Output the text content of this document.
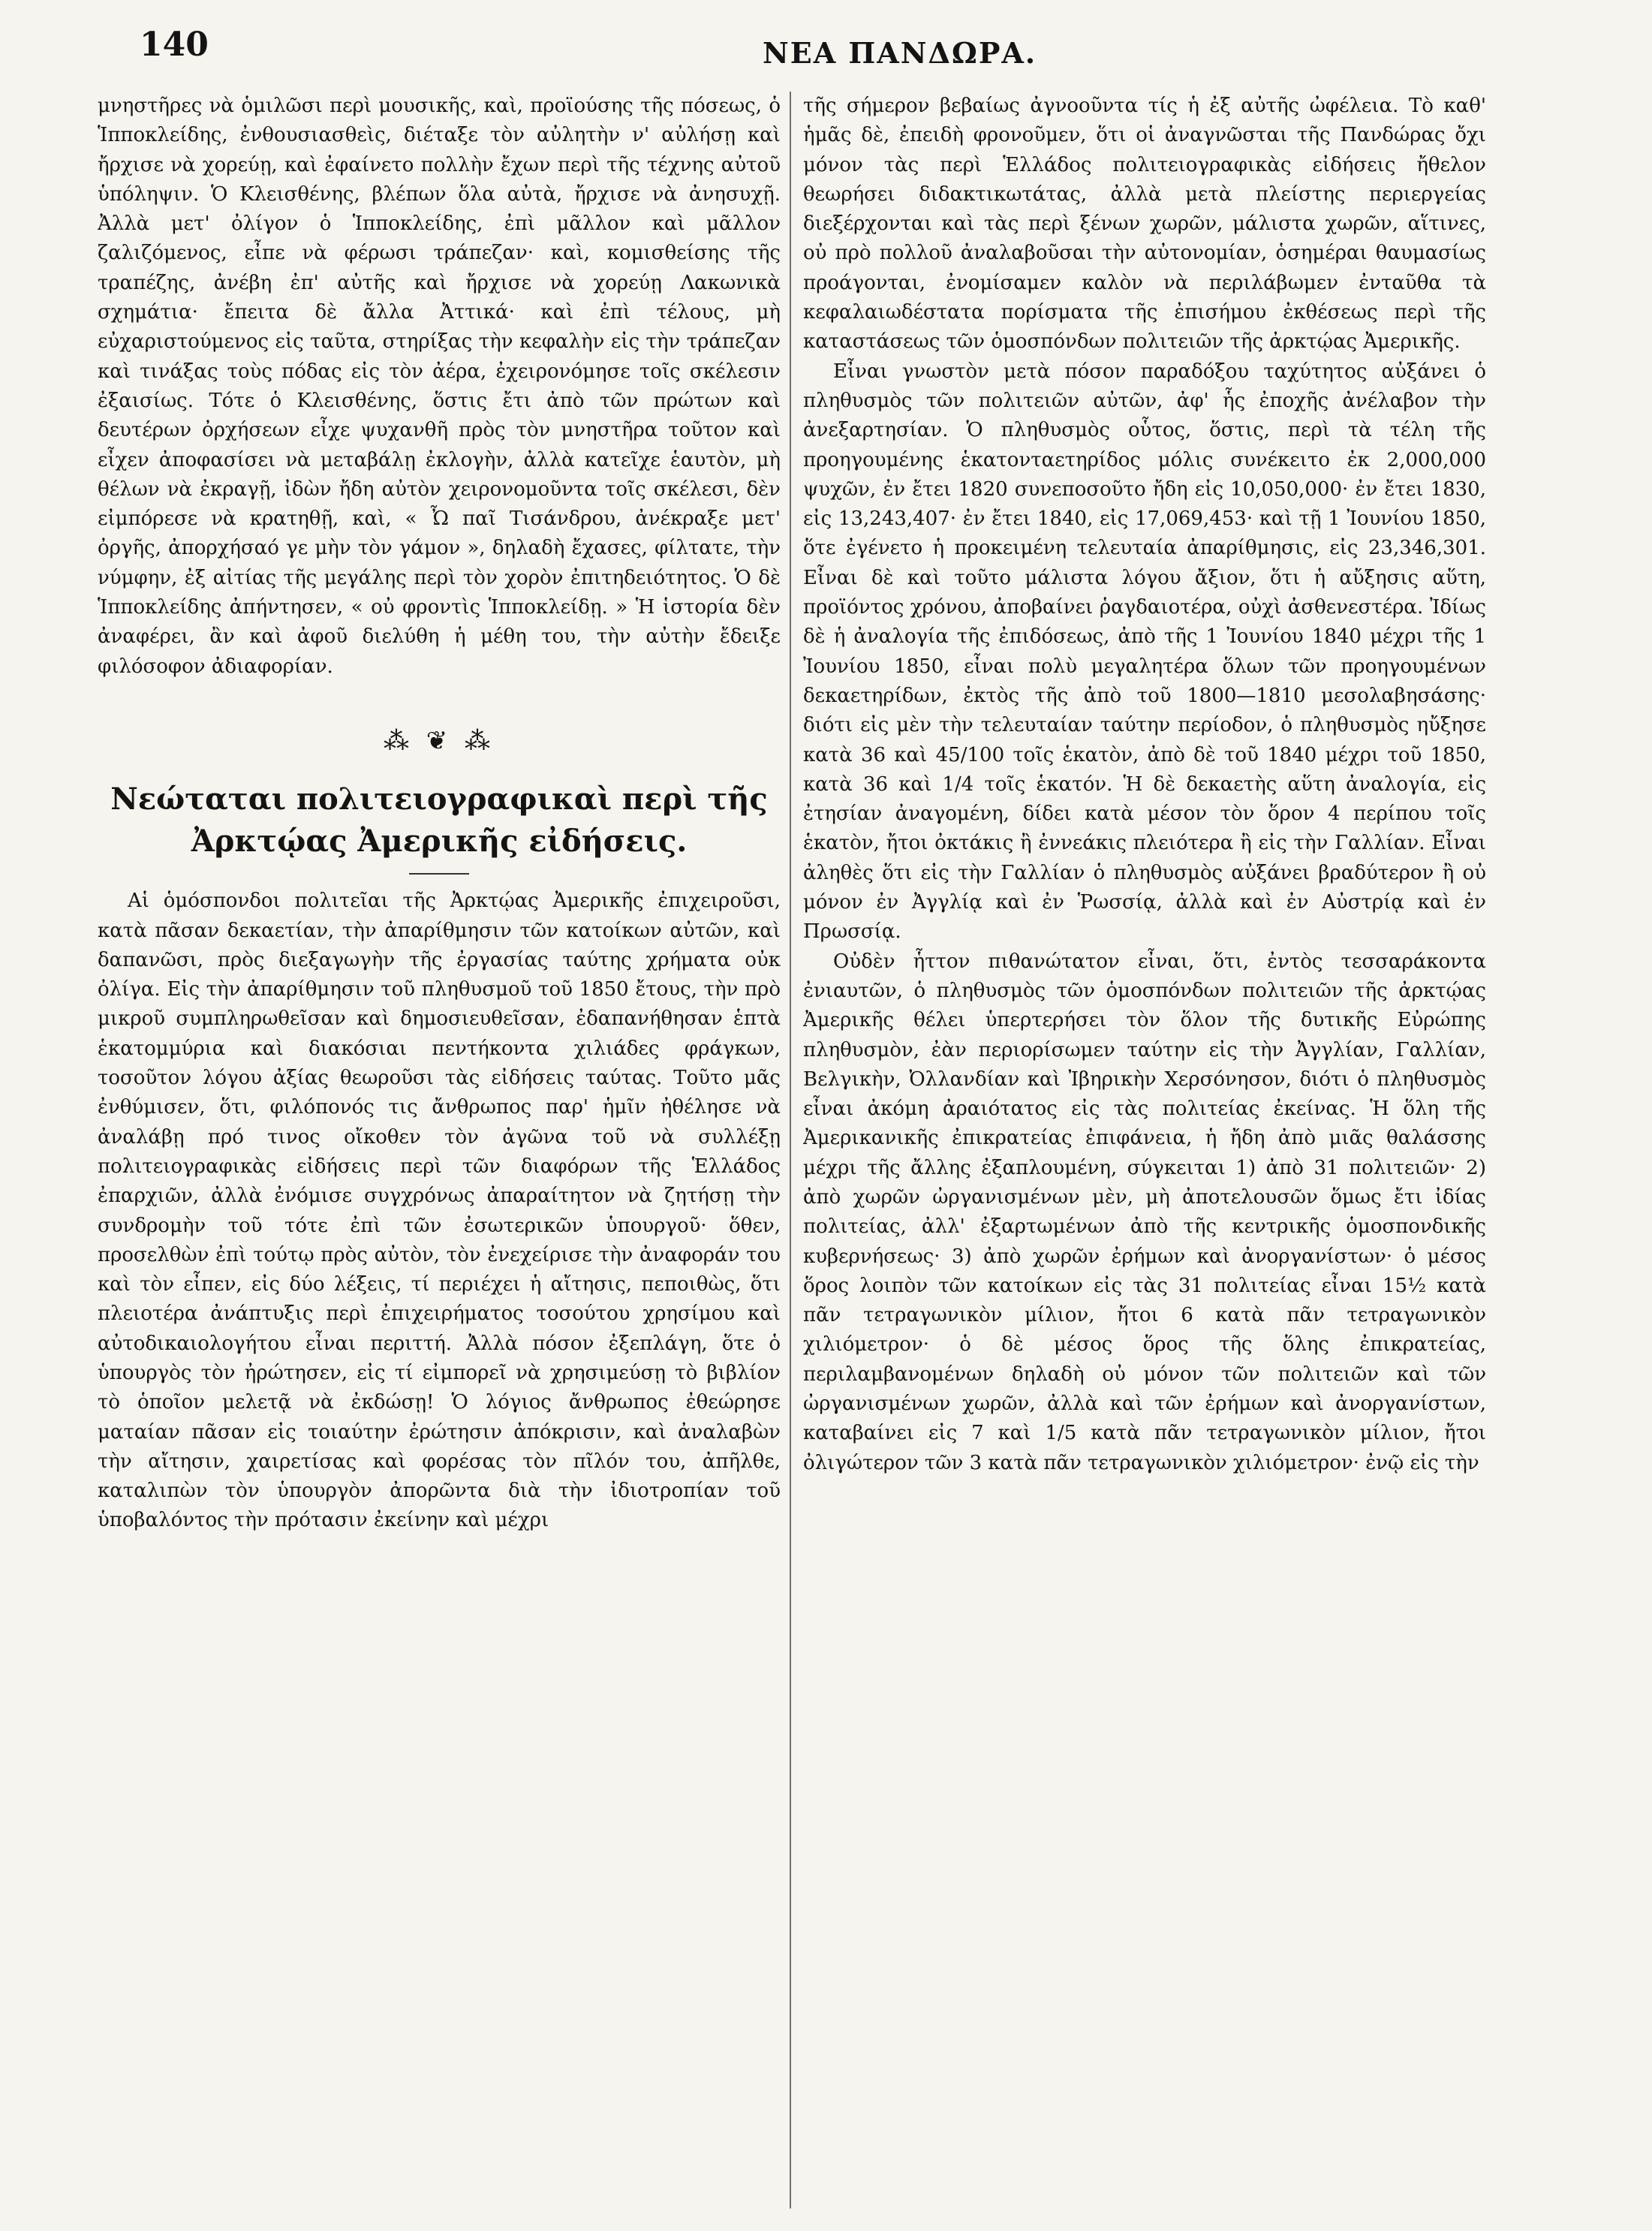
140	ΝΕΑ ΠΑΝΔΩΡΑ.

μνηστῆρες νὰ ὁμιλῶσι περὶ μουσικῆς, καὶ, προϊούσης τῆς πόσεως, ὁ Ἱπποκλείδης, ἐνθουσιασθεὶς, διέταξε τὸν αὐλητὴν ν' αὐλήσῃ καὶ ἤρχισε νὰ χορεύῃ, καὶ ἐφαίνετο πολλὴν ἔχων περὶ τῆς τέχνης αὐτοῦ ὑπόληψιν. Ὁ Κλεισθένης, βλέπων ὅλα αὐτὰ, ἤρχισε νὰ ἀνησυχῇ. Ἀλλὰ μετ' ὀλίγον ὁ Ἱπποκλείδης, ἐπὶ μᾶλλον καὶ μᾶλλον ζαλιζόμενος, εἶπε νὰ φέρωσι τράπεζαν· καὶ, κομισθείσης τῆς τραπέζης, ἀνέβη ἐπ' αὐτῆς καὶ ἤρχισε νὰ χορεύῃ Λακωνικὰ σχημάτια· ἔπειτα δὲ ἄλλα Ἀττικά· καὶ ἐπὶ τέλους, μὴ εὐχαριστούμενος εἰς ταῦτα, στηρίξας τὴν κεφαλὴν εἰς τὴν τράπεζαν καὶ τινάξας τοὺς πόδας εἰς τὸν ἀέρα, ἐχειρονόμησε τοῖς σκέλεσιν ἐξαισίως. Τότε ὁ Κλεισθένης, ὅστις ἔτι ἀπὸ τῶν πρώτων καὶ δευτέρων ὀρχήσεων εἶχε ψυχανθῆ πρὸς τὸν μνηστῆρα τοῦτον καὶ εἶχεν ἀποφασίσει νὰ μεταβάλῃ ἐκλογὴν, ἀλλὰ κατεῖχε ἑαυτὸν, μὴ θέλων νὰ ἐκραγῇ, ἰδὼν ἤδη αὐτὸν χειρονομοῦντα τοῖς σκέλεσι, δὲν εἰμπόρεσε νὰ κρατηθῇ, καὶ, « Ὦ παῖ Τισάνδρου, ἀνέκραξε μετ' ὀργῆς, ἀπορχήσαό γε μὴν τὸν γάμον », δηλαδὴ ἔχασες, φίλτατε, τὴν νύμφην, ἐξ αἰτίας τῆς μεγάλης περὶ τὸν χορὸν ἐπιτηδειότητος. Ὁ δὲ Ἱπποκλείδης ἀπήντησεν, « οὐ φροντὶς Ἱπποκλείδῃ. » Ἡ ἱστορία δὲν ἀναφέρει, ἂν καὶ ἀφοῦ διελύθη ἡ μέθη του, τὴν αὐτὴν ἔδειξε φιλόσοφον ἀδιαφορίαν.

⁂ ❦ ⁂
Νεώταται πολιτειογραφικαὶ περὶ τῆς Ἀρκτῴας Ἀμερικῆς εἰδήσεις.

Αἱ ὁμόσπονδοι πολιτεῖαι τῆς Ἀρκτῴας Ἀμερικῆς ἐπιχειροῦσι, κατὰ πᾶσαν δεκαετίαν, τὴν ἀπαρίθμησιν τῶν κατοίκων αὐτῶν, καὶ δαπανῶσι, πρὸς διεξαγωγὴν τῆς ἐργασίας ταύτης χρήματα οὐκ ὀλίγα. Εἰς τὴν ἀπαρίθμησιν τοῦ πληθυσμοῦ τοῦ 1850 ἔτους, τὴν πρὸ μικροῦ συμπληρωθεῖσαν καὶ δημοσιευθεῖσαν, ἐδαπανήθησαν ἑπτὰ ἑκατομμύρια καὶ διακόσιαι πεντήκοντα χιλιάδες φράγκων, τοσοῦτον λόγου ἀξίας θεωροῦσι τὰς εἰδήσεις ταύτας. Τοῦτο μᾶς ἐνθύμισεν, ὅτι, φιλόπονός τις ἄνθρωπος παρ' ἡμῖν ἠθέλησε νὰ ἀναλάβῃ πρό τινος οἴκοθεν τὸν ἀγῶνα τοῦ νὰ συλλέξῃ πολιτειογραφικὰς εἰδήσεις περὶ τῶν διαφόρων τῆς Ἑλλάδος ἐπαρχιῶν, ἀλλὰ ἐνόμισε συγχρόνως ἀπαραίτητον νὰ ζητήσῃ τὴν συνδρομὴν τοῦ τότε ἐπὶ τῶν ἐσωτερικῶν ὑπουργοῦ· ὅθεν, προσελθὼν ἐπὶ τούτῳ πρὸς αὐτὸν, τὸν ἐνεχείρισε τὴν ἀναφοράν του καὶ τὸν εἶπεν, εἰς δύο λέξεις, τί περιέχει ἡ αἴτησις, πεποιθὼς, ὅτι πλειοτέρα ἀνάπτυξις περὶ ἐπιχειρήματος τοσούτου χρησίμου καὶ αὐτοδικαιολογήτου εἶναι περιττή. Ἀλλὰ πόσον ἐξεπλάγη, ὅτε ὁ ὑπουργὸς τὸν ἠρώτησεν, εἰς τί εἰμπορεῖ νὰ χρησιμεύσῃ τὸ βιβλίον τὸ ὁποῖον μελετᾷ νὰ ἐκδώσῃ! Ὁ λόγιος ἄνθρωπος ἐθεώρησε ματαίαν πᾶσαν εἰς τοιαύτην ἐρώτησιν ἀπόκρισιν, καὶ ἀναλαβὼν τὴν αἴτησιν, χαιρετίσας καὶ φορέσας τὸν πῖλόν του, ἀπῆλθε, καταλιπὼν τὸν ὑπουργὸν ἀπορῶντα διὰ τὴν ἰδιοτροπίαν τοῦ ὑποβαλόντος τὴν πρότασιν ἐκείνην καὶ μέχρι

τῆς σήμερον βεβαίως ἀγνοοῦντα τίς ἡ ἐξ αὐτῆς ὠφέλεια. Τὸ καθ' ἡμᾶς δὲ, ἐπειδὴ φρονοῦμεν, ὅτι οἱ ἀναγνῶσται τῆς Πανδώρας ὄχι μόνον τὰς περὶ Ἑλλάδος πολιτειογραφικὰς εἰδήσεις ἤθελον θεωρήσει διδακτικωτάτας, ἀλλὰ μετὰ πλείστης περιεργείας διεξέρχονται καὶ τὰς περὶ ξένων χωρῶν, μάλιστα χωρῶν, αἵτινες, οὐ πρὸ πολλοῦ ἀναλαβοῦσαι τὴν αὐτονομίαν, ὁσημέραι θαυμασίως προάγονται, ἐνομίσαμεν καλὸν νὰ περιλάβωμεν ἐνταῦθα τὰ κεφαλαιωδέστατα πορίσματα τῆς ἐπισήμου ἐκθέσεως περὶ τῆς καταστάσεως τῶν ὁμοσπόνδων πολιτειῶν τῆς ἀρκτῴας Ἀμερικῆς.

Εἶναι γνωστὸν μετὰ πόσον παραδόξου ταχύτητος αὐξάνει ὁ πληθυσμὸς τῶν πολιτειῶν αὐτῶν, ἀφ' ἧς ἐποχῆς ἀνέλαβον τὴν ἀνεξαρτησίαν. Ὁ πληθυσμὸς οὗτος, ὅστις, περὶ τὰ τέλη τῆς προηγουμένης ἑκατονταετηρίδος μόλις συνέκειτο ἐκ 2,000,000 ψυχῶν, ἐν ἔτει 1820 συνεποσοῦτο ἤδη εἰς 10,050,000· ἐν ἔτει 1830, εἰς 13,243,407· ἐν ἔτει 1840, εἰς 17,069,453· καὶ τῇ 1 Ἰουνίου 1850, ὅτε ἐγένετο ἡ προκειμένη τελευταία ἀπαρίθμησις, εἰς 23,346,301. Εἶναι δὲ καὶ τοῦτο μάλιστα λόγου ἄξιον, ὅτι ἡ αὔξησις αὕτη, προϊόντος χρόνου, ἀποβαίνει ῥαγδαιοτέρα, οὐχὶ ἀσθενεστέρα. Ἰδίως δὲ ἡ ἀναλογία τῆς ἐπιδόσεως, ἀπὸ τῆς 1 Ἰουνίου 1840 μέχρι τῆς 1 Ἰουνίου 1850, εἶναι πολὺ μεγαλητέρα ὅλων τῶν προηγουμένων δεκαετηρίδων, ἐκτὸς τῆς ἀπὸ τοῦ 1800—1810 μεσολαβησάσης· διότι εἰς μὲν τὴν τελευταίαν ταύτην περίοδον, ὁ πληθυσμὸς ηὔξησε κατὰ 36 καὶ 45/100 τοῖς ἑκατὸν, ἀπὸ δὲ τοῦ 1840 μέχρι τοῦ 1850, κατὰ 36 καὶ 1/4 τοῖς ἑκατόν. Ἡ δὲ δεκαετὴς αὕτη ἀναλογία, εἰς ἐτησίαν ἀναγομένη, δίδει κατὰ μέσον τὸν ὅρον 4 περίπου τοῖς ἑκατὸν, ἤτοι ὀκτάκις ἢ ἐννεάκις πλειότερα ἢ εἰς τὴν Γαλλίαν. Εἶναι ἀληθὲς ὅτι εἰς τὴν Γαλλίαν ὁ πληθυσμὸς αὐξάνει βραδύτερον ἢ οὐ μόνον ἐν Ἀγγλίᾳ καὶ ἐν Ῥωσσίᾳ, ἀλλὰ καὶ ἐν Αὐστρίᾳ καὶ ἐν Πρωσσίᾳ.

Οὐδὲν ἧττον πιθανώτατον εἶναι, ὅτι, ἐντὸς τεσσαράκοντα ἐνιαυτῶν, ὁ πληθυσμὸς τῶν ὁμοσπόνδων πολιτειῶν τῆς ἀρκτῴας Ἀμερικῆς θέλει ὑπερτερήσει τὸν ὅλον τῆς δυτικῆς Εὐρώπης πληθυσμὸν, ἐὰν περιορίσωμεν ταύτην εἰς τὴν Ἀγγλίαν, Γαλλίαν, Βελγικὴν, Ὀλλανδίαν καὶ Ἰβηρικὴν Χερσόνησον, διότι ὁ πληθυσμὸς εἶναι ἀκόμη ἀραιότατος εἰς τὰς πολιτείας ἐκείνας. Ἡ ὅλη τῆς Ἀμερικανικῆς ἐπικρατείας ἐπιφάνεια, ἡ ἤδη ἀπὸ μιᾶς θαλάσσης μέχρι τῆς ἄλλης ἐξαπλουμένη, σύγκειται 1) ἀπὸ 31 πολιτειῶν· 2) ἀπὸ χωρῶν ὠργανισμένων μὲν, μὴ ἀποτελουσῶν ὅμως ἔτι ἰδίας πολιτείας, ἀλλ' ἐξαρτωμένων ἀπὸ τῆς κεντρικῆς ὁμοσπονδικῆς κυβερνήσεως· 3) ἀπὸ χωρῶν ἐρήμων καὶ ἀνοργανίστων· ὁ μέσος ὅρος λοιπὸν τῶν κατοίκων εἰς τὰς 31 πολιτείας εἶναι 15½ κατὰ πᾶν τετραγωνικὸν μίλιον, ἤτοι 6 κατὰ πᾶν τετραγωνικὸν χιλιόμετρον· ὁ δὲ μέσος ὅρος τῆς ὅλης ἐπικρατείας, περιλαμβανομένων δηλαδὴ οὐ μόνον τῶν πολιτειῶν καὶ τῶν ὠργανισμένων χωρῶν, ἀλλὰ καὶ τῶν ἐρήμων καὶ ἀνοργανίστων, καταβαίνει εἰς 7 καὶ 1/5 κατὰ πᾶν τετραγωνικὸν μίλιον, ἤτοι ὀλιγώτερον τῶν 3 κατὰ πᾶν τετραγωνικὸν χιλιόμετρον· ἐνῷ εἰς τὴν
